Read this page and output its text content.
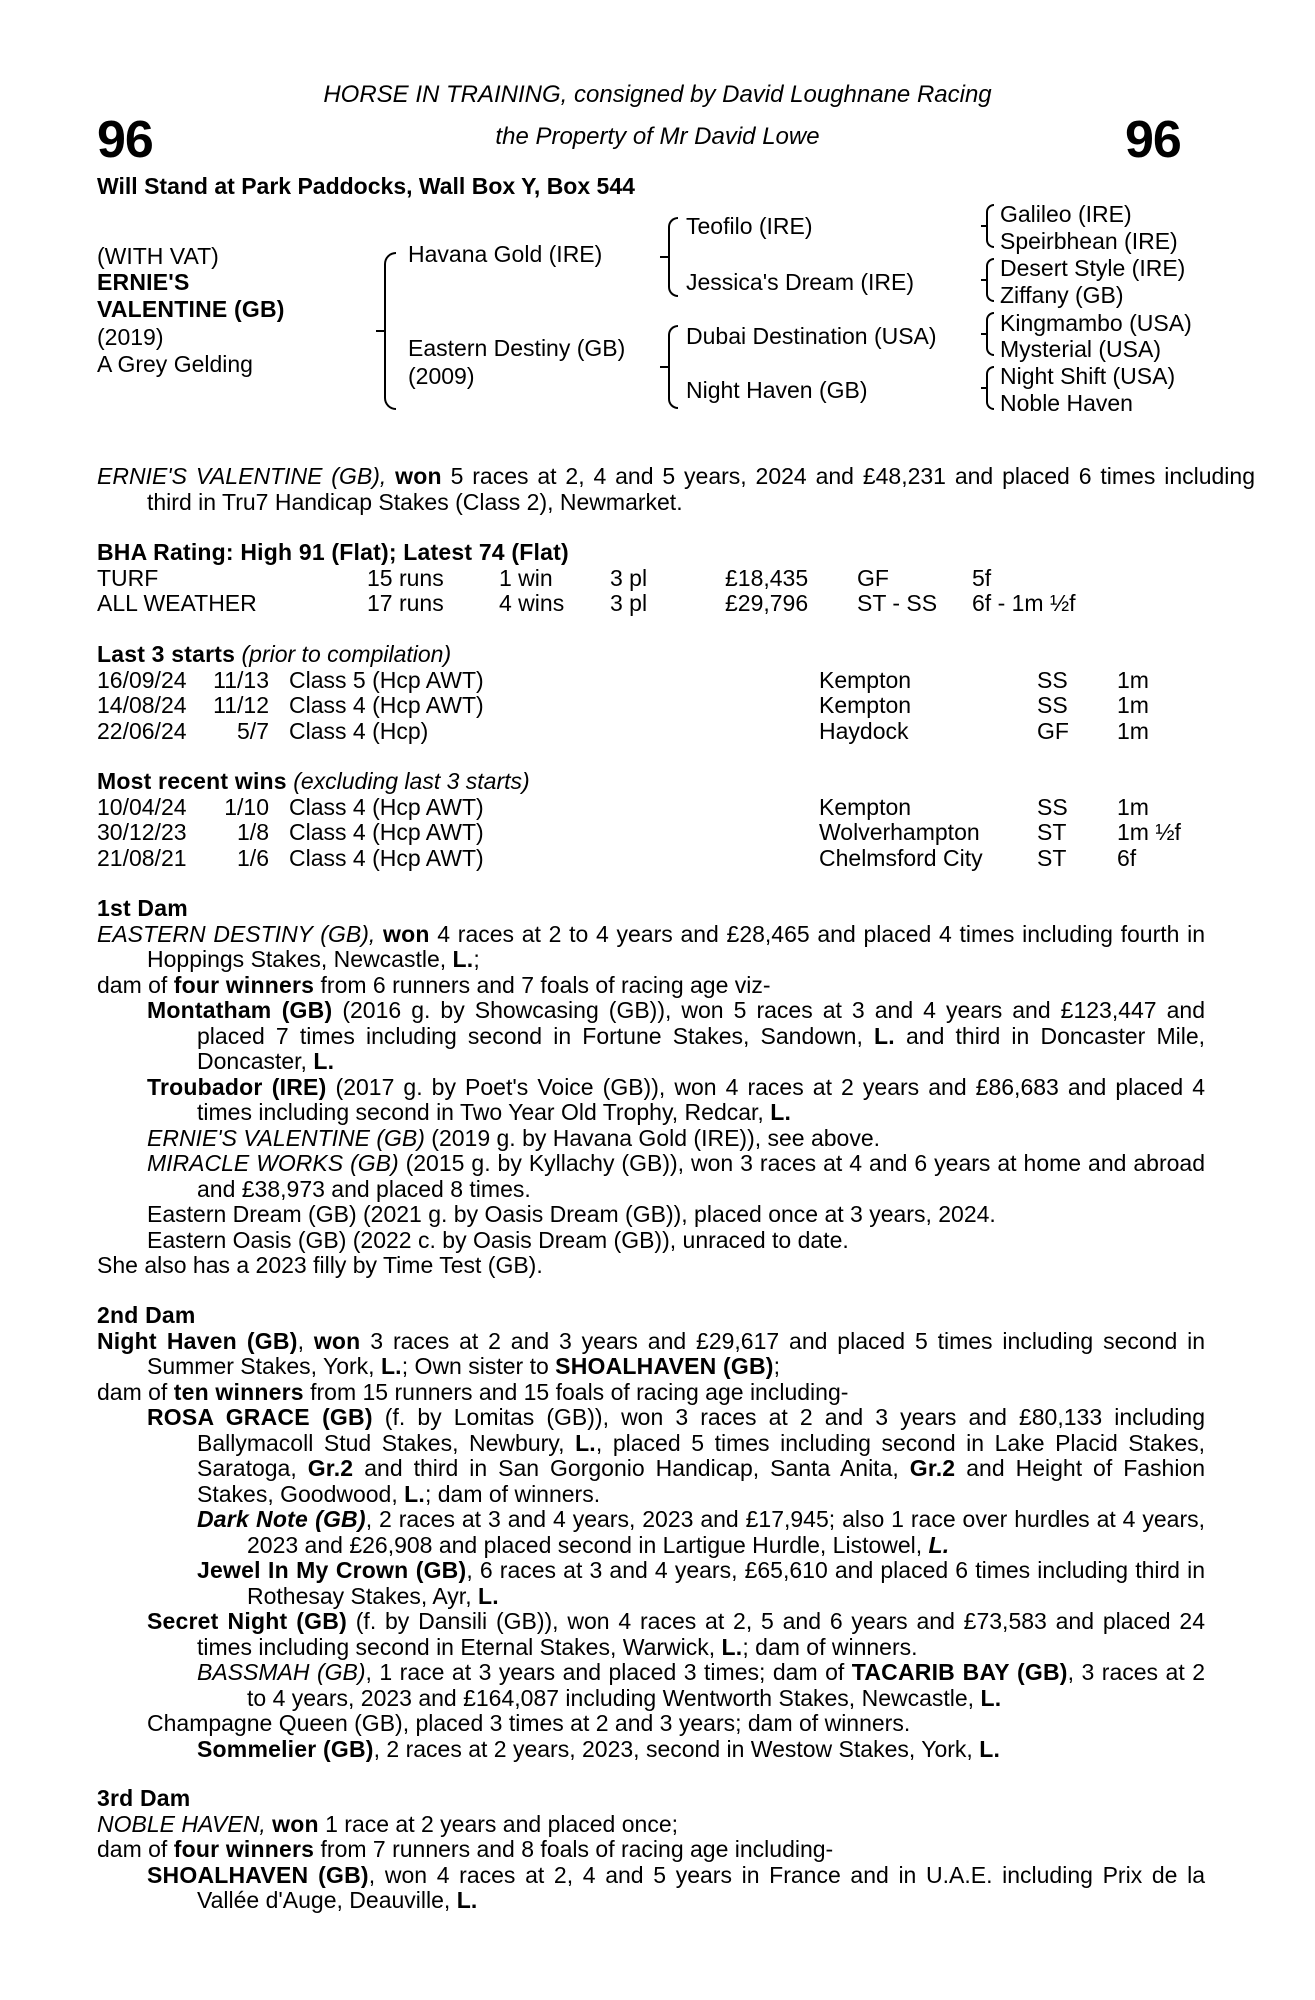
96	96
HORSE IN TRAINING, consigned by David Loughnane Racing
the Property of Mr David Lowe
Will Stand at Park Paddocks, Wall Box Y, Box 544
(WITH VAT)
ERNIE'S
VALENTINE (GB)
(2019)
A Grey Gelding
Havana Gold (IRE)
Eastern Destiny (GB)
(2009)
Teofilo (IRE)
Jessica's Dream (IRE)
Dubai Destination (USA)
Night Haven (GB)
Galileo (IRE)
Speirbhean (IRE)
Desert Style (IRE)
Ziffany (GB)
Kingmambo (USA)
Mysterial (USA)
Night Shift (USA)
Noble Haven
ERNIE'S VALENTINE (GB), won 5 races at 2, 4 and 5 years, 2024 and £48,231 and placed 6 times including third in Tru7 Handicap Stakes (Class 2), Newmarket.
BHA Rating: High 91 (Flat); Latest 74 (Flat)
TURF	15 runs 1 win 3 pl	£18,435 GF	5f
ALL WEATHER	17 runs 4 wins 3 pl	£29,796 ST - SS 6f - 1m ½f
Last 3 starts (prior to compilation)
16/09/24	11/13 Class 5 (Hcp AWT)	Kempton	SS 1m
14/08/24	11/12 Class 4 (Hcp AWT)	Kempton	SS 1m
22/06/24	5/7 Class 4 (Hcp)	Haydock	GF 1m
Most recent wins (excluding last 3 starts)
10/04/24	1/10 Class 4 (Hcp AWT)	Kempton	SS 1m
30/12/23	1/8 Class 4 (Hcp AWT)	Wolverhampton ST 1m ½f
21/08/21	1/6 Class 4 (Hcp AWT)	Chelmsford City ST 6f
1st Dam
EASTERN DESTINY (GB), won 4 races at 2 to 4 years and £28,465 and placed 4 times including fourth in Hoppings Stakes, Newcastle, L.;
dam of four winners from 6 runners and 7 foals of racing age viz-
Montatham (GB) (2016 g. by Showcasing (GB)), won 5 races at 3 and 4 years and £123,447 and placed 7 times including second in Fortune Stakes, Sandown, L. and third in Doncaster Mile, Doncaster, L.
Troubador (IRE) (2017 g. by Poet's Voice (GB)), won 4 races at 2 years and £86,683 and placed 4 times including second in Two Year Old Trophy, Redcar, L.
ERNIE'S VALENTINE (GB) (2019 g. by Havana Gold (IRE)), see above.
MIRACLE WORKS (GB) (2015 g. by Kyllachy (GB)), won 3 races at 4 and 6 years at home and abroad and £38,973 and placed 8 times.
Eastern Dream (GB) (2021 g. by Oasis Dream (GB)), placed once at 3 years, 2024.
Eastern Oasis (GB) (2022 c. by Oasis Dream (GB)), unraced to date.
She also has a 2023 filly by Time Test (GB).
2nd Dam
Night Haven (GB), won 3 races at 2 and 3 years and £29,617 and placed 5 times including second in Summer Stakes, York, L.; Own sister to SHOALHAVEN (GB);
dam of ten winners from 15 runners and 15 foals of racing age including-
ROSA GRACE (GB) (f. by Lomitas (GB)), won 3 races at 2 and 3 years and £80,133 including Ballymacoll Stud Stakes, Newbury, L., placed 5 times including second in Lake Placid Stakes, Saratoga, Gr.2 and third in San Gorgonio Handicap, Santa Anita, Gr.2 and Height of Fashion Stakes, Goodwood, L.; dam of winners.
Dark Note (GB), 2 races at 3 and 4 years, 2023 and £17,945; also 1 race over hurdles at 4 years, 2023 and £26,908 and placed second in Lartigue Hurdle, Listowel, L.
Jewel In My Crown (GB), 6 races at 3 and 4 years, £65,610 and placed 6 times including third in Rothesay Stakes, Ayr, L.
Secret Night (GB) (f. by Dansili (GB)), won 4 races at 2, 5 and 6 years and £73,583 and placed 24 times including second in Eternal Stakes, Warwick, L.; dam of winners.
BASSMAH (GB), 1 race at 3 years and placed 3 times; dam of TACARIB BAY (GB), 3 races at 2 to 4 years, 2023 and £164,087 including Wentworth Stakes, Newcastle, L.
Champagne Queen (GB), placed 3 times at 2 and 3 years; dam of winners.
Sommelier (GB), 2 races at 2 years, 2023, second in Westow Stakes, York, L.
3rd Dam
NOBLE HAVEN, won 1 race at 2 years and placed once;
dam of four winners from 7 runners and 8 foals of racing age including-
SHOALHAVEN (GB), won 4 races at 2, 4 and 5 years in France and in U.A.E. including Prix de la Vallée d'Auge, Deauville, L.
